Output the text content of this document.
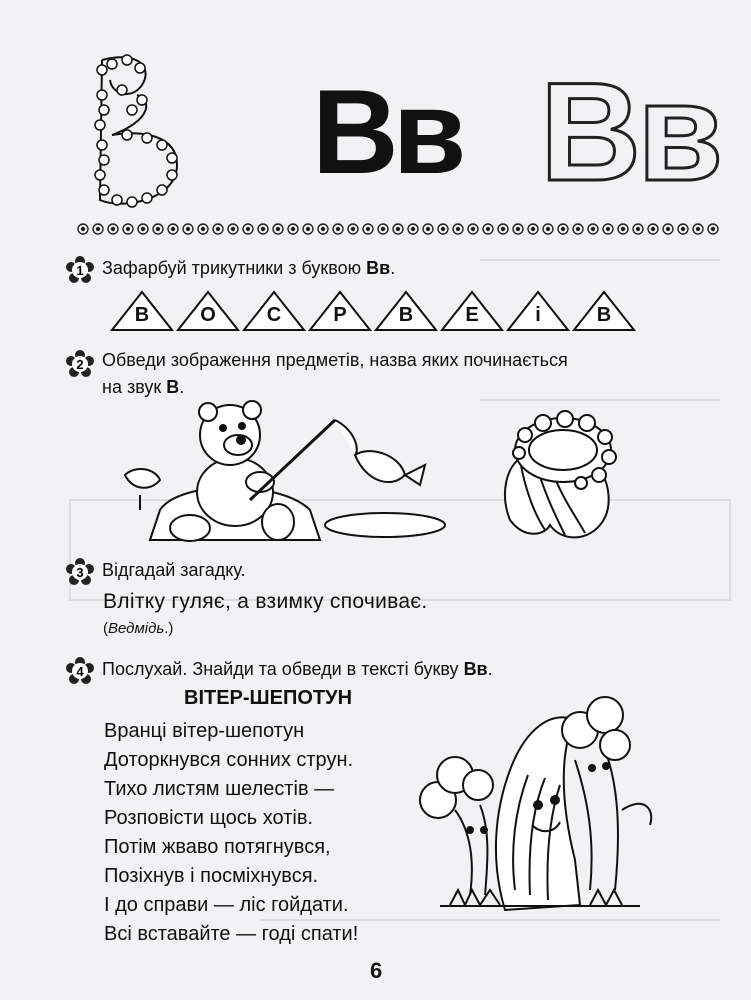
Вв Вв
1 Зафарбуй трикутники з буквою Вв.
В	О	С	Р	В	Е	і	В
2 Обведи зображення предметів, назва яких починається
на звук В.
3 Відгадай загадку.
Влітку гуляє, а взимку спочиває.
(Ведмідь.)
4 Послухай. Знайди та обведи в тексті букву Вв.
ВІТЕР-ШЕПОТУН
Вранці вітер-шепотун
Доторкнувся сонних струн.
Тихо листям шелестів —
Розповісти щось хотів.
Потім жваво потягнувся,
Позіхнув і посміхнувся.
І до справи — ліс гойдати.
Всі вставайте — годі спати!
6
